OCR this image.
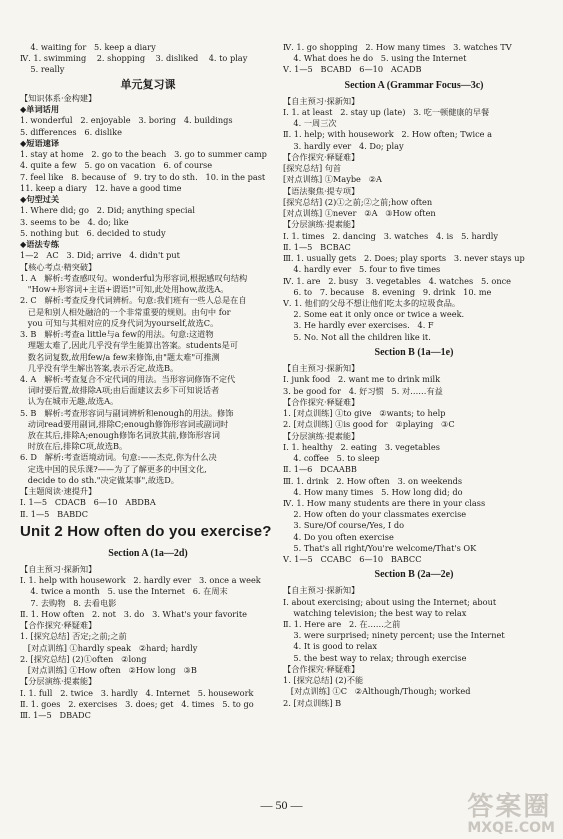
4. waiting for   5. keep a diary
Ⅳ. 1. swimming    2. shopping    3. disliked    4. to play
5. really
单元复习课
【知识体系·金构建】
◆单词话用
1. wonderful   2. enjoyable   3. boring   4. buildings
5. differences   6. dislike
◆短语速译
1. stay at home   2. go to the beach   3. go to summer camp
4. quite a few   5. go on vacation   6. of course
7. feel like   8. because of   9. try to do sth.   10. in the past
11. keep a diary   12. have a good time
◆句型过关
1. Where did; go   2. Did; anything special
3. seems to be   4. do; like
5. nothing but   6. decided to study
◆语法专练
1—2   AC   3. Did; arrive   4. didn't put
【核心考点·精突破】
1. A   解析:考查感叹句。wonderful为形容词,根据感叹句结构
"How+形容词+主语+谓语!"可知,此处用how,故选A。
2. C   解析:考查反身代词辨析。句意:我们班有一些人总是在自
已是和别人相处融洽的一个非常重要的规则。由句中 for
you 可知与其相对应的反身代词为yourself,故选C。
3. B   解析:考查a little与a few的用法。句意:这道物
理题太难了,因此几乎没有学生能算出答案。students是可
数名词复数,故用few/a few来修饰,由"题太难"可推测
几乎没有学生解出答案,表示否定,故选B。
4. A   解析:考查复合不定代词的用法。当形容词修饰不定代
词时要后置,故排除A项;由后面建议去乡下可知说话者
认为在城市无趣,故选A。
5. B   解析:考查形容词与副词辨析和enough的用法。修饰
动词read要用副词,排除C;enough修饰形容词或副词时
放在其后,排除A;enough修饰名词放其前,修饰形容词
时放在后,排除C项,故选B。
6. D   解析:考查语境动词。句意:——杰克,你为什么决
定选中国的民乐课?——为了了解更多的中国文化,
decide to do sth."决定做某事",故选D。
【主题阅读·速提升】
Ⅰ. 1—5   CDACB   6—10   ABDBA
Ⅱ. 1—5   BABDC
Unit 2 How often do you exercise?
Section A (1a—2d)
【自主预习·探新知】
Ⅰ. 1. help with housework   2. hardly ever   3. once a week
4. twice a month   5. use the Internet   6. 在周末
7. 去购物   8. 去看电影
Ⅱ. 1. How often   2. not   3. do   3. What's your favorite
【合作探究·释疑难】
1. [探究总结] 否定;之前;之前
[对点训练] ①hardly speak   ②hard; hardly
2. [探究总结] (2)①often   ②long
[对点训练] ①How often   ②How long   ③B
【分层演练·提素能】
Ⅰ. 1. full   2. twice   3. hardly   4. Internet   5. housework
Ⅱ. 1. goes   2. exercises   3. does; get   4. times   5. to go
Ⅲ. 1—5   DBADC
Ⅳ. 1. go shopping   2. How many times   3. watches TV
4. What does he do   5. using the Internet
Ⅴ. 1—5   BCABD   6—10   ACADB
Section A (Grammar Focus—3c)
【自主预习·探新知】
Ⅰ. 1. at least   2. stay up (late)   3. 吃一顿健康的早餐
4. 一周三次
Ⅱ. 1. help; with housework   2. How often; Twice a
3. hardly ever   4. Do; play
【合作探究·释疑难】
[探究总结] 句首
[对点训练] ①Maybe   ②A
【语法聚焦·提专项】
[探究总结] (2)①之前;②之前;how often
[对点训练] ①never   ②A   ③How often
【分层演练·提素能】
Ⅰ. 1. times   2. dancing   3. watches   4. is   5. hardly
Ⅱ. 1—5   BCBAC
Ⅲ. 1. usually gets   2. Does; play sports   3. never stays up
4. hardly ever   5. four to five times
Ⅳ. 1. are   2. busy   3. vegetables   4. watches   5. once
6. to   7. because   8. evening   9. drink   10. me
Ⅴ. 1. 他们的父母不想让他们吃太多的垃圾食品。
2. Some eat it only once or twice a week.
3. He hardly ever exercises.   4. F
5. No. Not all the children like it.
Section B (1a—1e)
【自主预习·探新知】
Ⅰ. junk food   2. want me to drink milk
3. be good for   4. 好习惯   5. 对……有益
【合作探究·释疑难】
1. [对点训练] ①to give   ②wants; to help
2. [对点训练] ①is good for   ②playing   ③C
【分层演练·提素能】
Ⅰ. 1. healthy   2. eating   3. vegetables
4. coffee   5. to sleep
Ⅱ. 1—6   DCAABB
Ⅲ. 1. drink   2. How often   3. on weekends
4. How many times   5. How long did; do
Ⅳ. 1. How many students are there in your class
2. How often do your classmates exercise
3. Sure/Of course/Yes, I do
4. Do you often exercise
5. That's all right/You're welcome/That's OK
Ⅴ. 1—5   CCABC   6—10   BABCC
Section B (2a—2e)
【自主预习·探新知】
Ⅰ. about exercising; about using the Internet; about
watching television; the best way to relax
Ⅱ. 1. Here are   2. 在……之前
3. were surprised; ninety percent; use the Internet
4. It is good to relax
5. the best way to relax; through exercise
【合作探究·释疑难】
1. [探究总结] (2)不能
[对点训练] ①C   ②Although/Though; worked
2. [对点训练] B
— 50 —	答案圈
MXQE.COM
